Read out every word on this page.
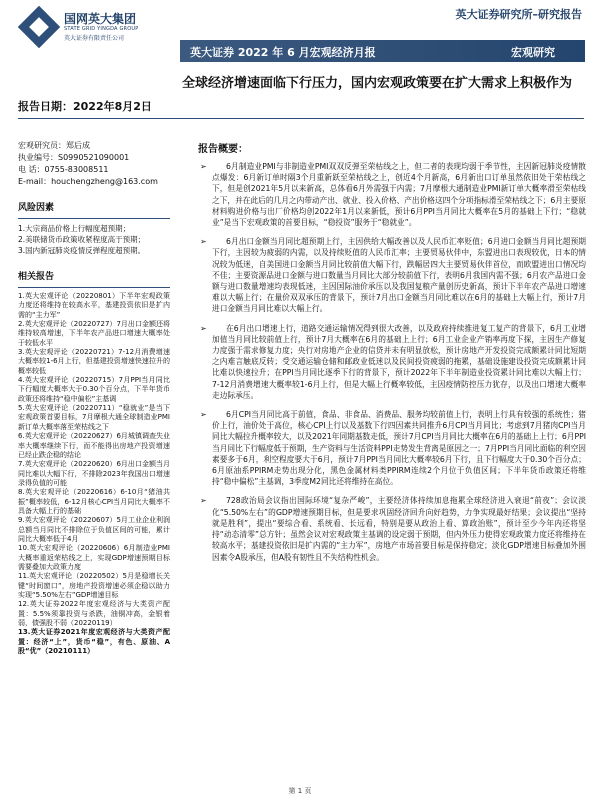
国网英大集团
STATE GRID YINGDA GROUP
英大证券有限责任公司
英大证券研究所–研究报告
英大证券 2022 年 6 月宏观经济月报	宏观研究
全球经济增速面临下行压力，国内宏观政策要在扩大需求上积极作为
报告日期：2022年8月2日

宏观研究员：郑后成

执业编号：S0990521090001

电 话：0755-83008511

E-mail：houchengzheng@163.com

风险因素

1.大宗商品价格上行幅度超预期；

2.美联储货币政策收紧程度高于预期；

3.国内新冠肺炎疫情反弹程度超预期。

相关报告

1.英大宏观评论（20220801）下半年宏观政策力度还将维持在较高水平，基建投资依旧是扩内需的“主力军”

2.英大宏观评论（20220727）7月出口金额还将维持较高增速，下半年农产品进口增速大概率处于较低水平

3.英大宏观评论（20220721）7-12月消费增速大概率较1-6月上行，但基建投资增速快速拉升的概率较低

4.英大宏观评论（20220715）7月PPI当月同比下行幅度大概率大于0.30个百分点，下半年货币政策还将维持“稳中偏松”主基调

5.英大宏观评论（20220711）“稳就业”是当下宏观政策首要目标，7月摩根大通全球制造业PMI新订单大概率落至荣枯线之下

6.英大宏观评论（20220627）6月城镇调查失业率大概率继续下行，而不能得出房地产投资增速已经止跌企稳的结论

7.英大宏观评论（20220620）6月出口金额当月同比难以大幅下行，不排除2023年我国出口增速录得负值的可能

8.英大宏观评论（20220616）6-10月“猪油共振”概率较低，6-12月核心CPI当月同比大概率不具备大幅上行的基础

9.英大宏观评论（20220607）5月工业企业利润总额当月同比不排除位于负值区间的可能，累计同比大概率低于4月

10.英大宏观评论（20220606）6月制造业PMI大概率重返荣枯线之上，实现GDP增速预期目标需要叠加大政策力度

11.英大宏观评论（20220502）5月是稳增长关键“时间窗口”，房地产投资增速必须企稳以助力实现“5.50%左右”GDP增速目标

12.英大证券2022年度宏观经济与大类资产配置：5.5%须靠投资与杀跌，油铜冲高，金银着弱，债强股不弱（20220119）

13.英大证券2021年度宏观经济与大类资产配置：经济“上”，货币“稳”，有色、原油、A股“优”（20210111）

报告概要：
➢	6月制造业PMI与非制造业PMI双双反弹至荣枯线之上，但二者的表现均弱于季节性，主因新冠肺炎疫情散点爆发：6月新订单时隔3个月重新跃至荣枯线之上，创近4个月新高，6月新出口订单虽然依旧处于荣枯线之下，但是创2021年5月以来新高，总体看6月外需强于内需；7月摩根大通制造业PMI新订单大概率滑至荣枯线之下，并在此后的几月之内带动产出、就业、投入价格、产出价格这四个分项指标滑至荣枯线之下；6月主要原材料购进价格与出厂价格均创2022年1月以来新低，预计6月PPI当月同比大概率在5月的基础上下行；“稳就业”是当下宏观政策的首要目标，“稳投资”服务于“稳就业”。
➢	6月出口金额当月同比超预期上行，主因供给大幅改善以及人民币汇率贬值；6月进口金额当月同比超预期下行，主因较为疲弱的内需，以及持续贬值的人民币汇率；主要贸易伙伴中，东盟进出口表现较优，日本的情况较为低迷，自美国进口金额当月同比较前值大幅下行，跌幅居四大主要贸易伙伴首位，而欧盟进出口情况均不佳；主要资源品进口金额与进口数量当月同比大部分较前值下行，表明6月我国内需不强；6月农产品进口金额与进口数量增速均表现低迷，主因国际油价承压以及我国复粮产量创历史新高，预计下半年农产品进口增速难以大幅上行；在量价双双承压的背景下，预计7月出口金额当月同比难以在6月的基础上大幅上行，预计7月进口金额当月同比难以大幅上行。
➢	在6月出口增速上行，道路交通运输情况得到很大改善，以及政府持续推进复工复产的背景下，6月工业增加值当月同比较前值上行，预计7月大概率在6月的基础上上行；6月工业企业产销率再度下探，主因生产修复力度强于需求修复力度；央行对房地产企业的信贷并未有明显放松，预计房地产开发投资完成额累计同比短期之内难言触底反转；受交通运输仓储和邮政业低迷以及民间投资疲弱的拖累，基础设施建设投资完成额累计同比难以快速拉升；在PPI当月同比逐季下行的背景下，预计2022年下半年制造业投资累计同比难以大幅上行；7-12月消费增速大概率较1-6月上行，但是大幅上行概率较低，主因疫情防控压力犹存，以及出口增速大概率走边际承压。
➢	6月CPI当月同比高于前值，食品、非食品、消费品、服务均较前值上行，表明上行具有较强的系统性；猪价上行，油价处于高位，核心CPI上行以及基数下行四因素共同推升6月CPI当月同比；考虑到7月猪肉CPI当月同比大幅拉升概率较大，以及2021年同期基数走低，预计7月CPI当月同比大概率在6月的基础上上行；6月PPI当月同比下行幅度低于预期，生产资料与生活资料PPI走势发生背离是原因之一；7月PPI当月同比面临的利空因素要多于6月，利空程度要大于6月，预计7月PPI当月同比大概率较6月下行，且下行幅度大于0.30个百分点；6月原油系PPIRM走势出现分化，黑色金属材料类PPIRM连续2个月位于负值区间；下半年货币政策还将维持“稳中偏松”主基调，3季度M2同比还将维持在高位。
➢	728政治局会议指出国际环境“复杂严峻”，主要经济体持续加息拖累全球经济进入衰退“前夜”；会议淡化“5.50%左右”的GDP增速预期目标，但是要求巩固经济回升向好趋势，力争实现最好结果；会议提出“坚持就是胜利”，提出“要综合看、系统看、长远看，特别是要从政治上看、算政治账”，预计至少今年内还将坚持“动态清零”总方针；虽然会议对宏观政策主基调的设定弱于预期，但内外压力使得宏观政策力度还将维持在较高水平；基建投资依旧是扩内需的“主力军”，房地产市场首要目标是保持稳定；淡化GDP增速目标叠加外围因素令A股承压，但A股有韧性且不失结构性机会。
第 1 页
